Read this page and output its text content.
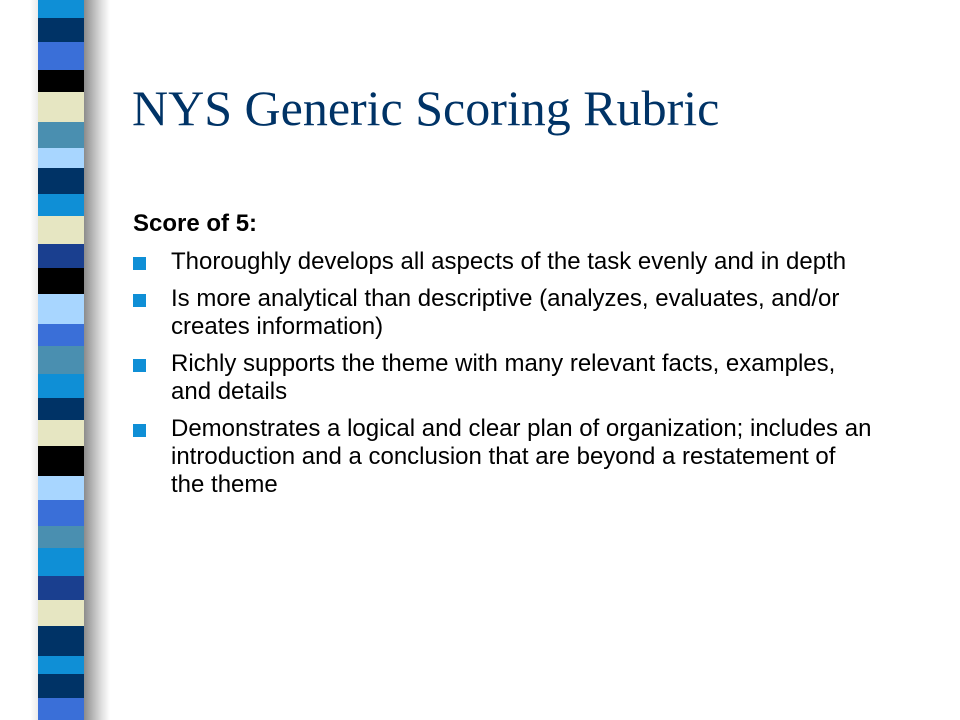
NYS Generic Scoring Rubric
Score of 5:
Thoroughly develops all aspects of the task evenly and in depth
Is more analytical than descriptive (analyzes, evaluates, and/or creates information)
Richly supports the theme with many relevant facts, examples, and details
Demonstrates a logical and clear plan of organization; includes an introduction and a conclusion that are beyond a restatement of the theme
